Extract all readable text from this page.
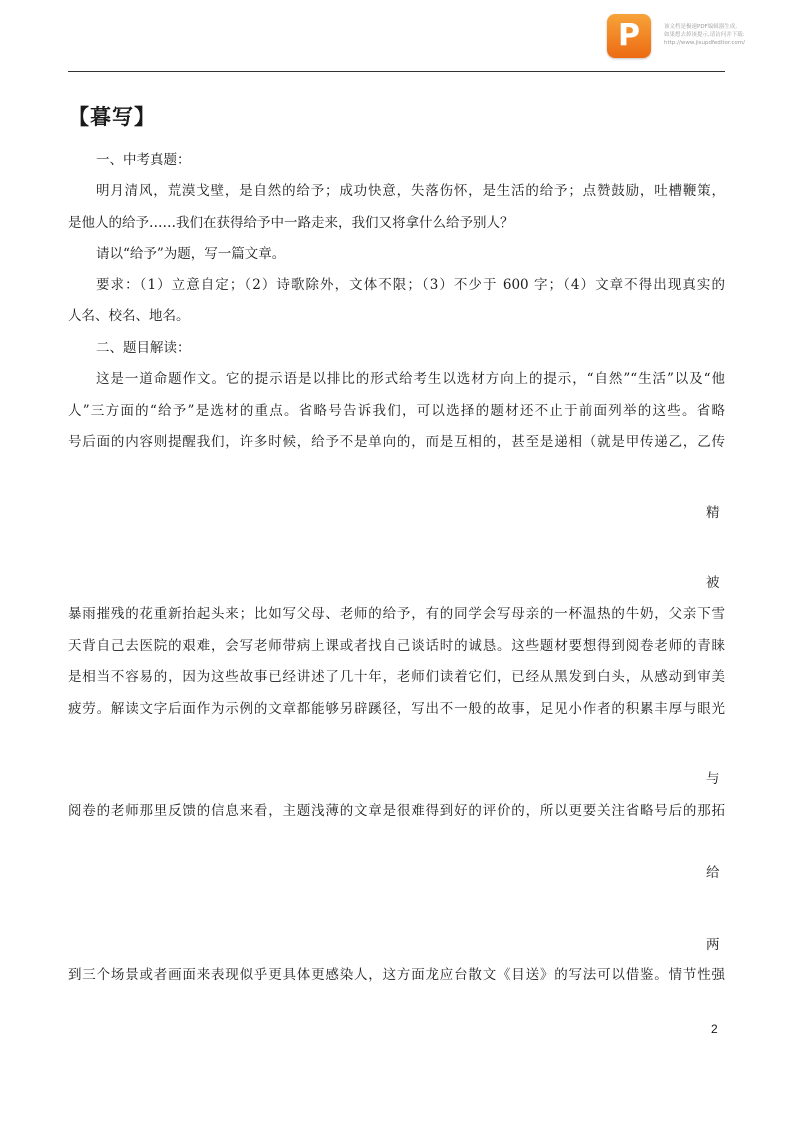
P	该文档是极速PDF编辑器生成,
如果想去掉该提示,请访问并下载:
http://www.jisupdfeditor.com/
【暮写】
一、中考真题：
明月清风，荒漠戈壁，是自然的给予；成功快意，失落伤怀，是生活的给予；点赞鼓励，吐槽鞭策，
是他人的给予……我们在获得给予中一路走来，我们又将拿什么给予别人？
请以“给予”为题，写一篇文章。
要求：（1）立意自定；（2）诗歌除外，文体不限；（3）不少于 600 字；（4）文章不得出现真实的
人名、校名、地名。
二、题目解读：
这是一道命题作文。它的提示语是以排比的形式给考生以选材方向上的提示，“自然”“生活”以及“他
人”三方面的“给予”是选材的重点。省略号告诉我们，可以选择的题材还不止于前面列举的这些。省略
号后面的内容则提醒我们，许多时候，给予不是单向的，而是互相的，甚至是递相（就是甲传递乙，乙传
精
被
暴雨摧残的花重新抬起头来；比如写父母、老师的给予，有的同学会写母亲的一杯温热的牛奶，父亲下雪
天背自己去医院的艰难，会写老师带病上课或者找自己谈话时的诚恳。这些题材要想得到阅卷老师的青睐
是相当不容易的，因为这些故事已经讲述了几十年，老师们读着它们，已经从黑发到白头，从感动到审美
疲劳。解读文字后面作为示例的文章都能够另辟蹊径，写出不一般的故事，足见小作者的积累丰厚与眼光
与
阅卷的老师那里反馈的信息来看，主题浅薄的文章是很难得到好的评价的，所以更要关注省略号后的那拓
给
两
到三个场景或者画面来表现似乎更具体更感染人，这方面龙应台散文《目送》的写法可以借鉴。情节性强
2
